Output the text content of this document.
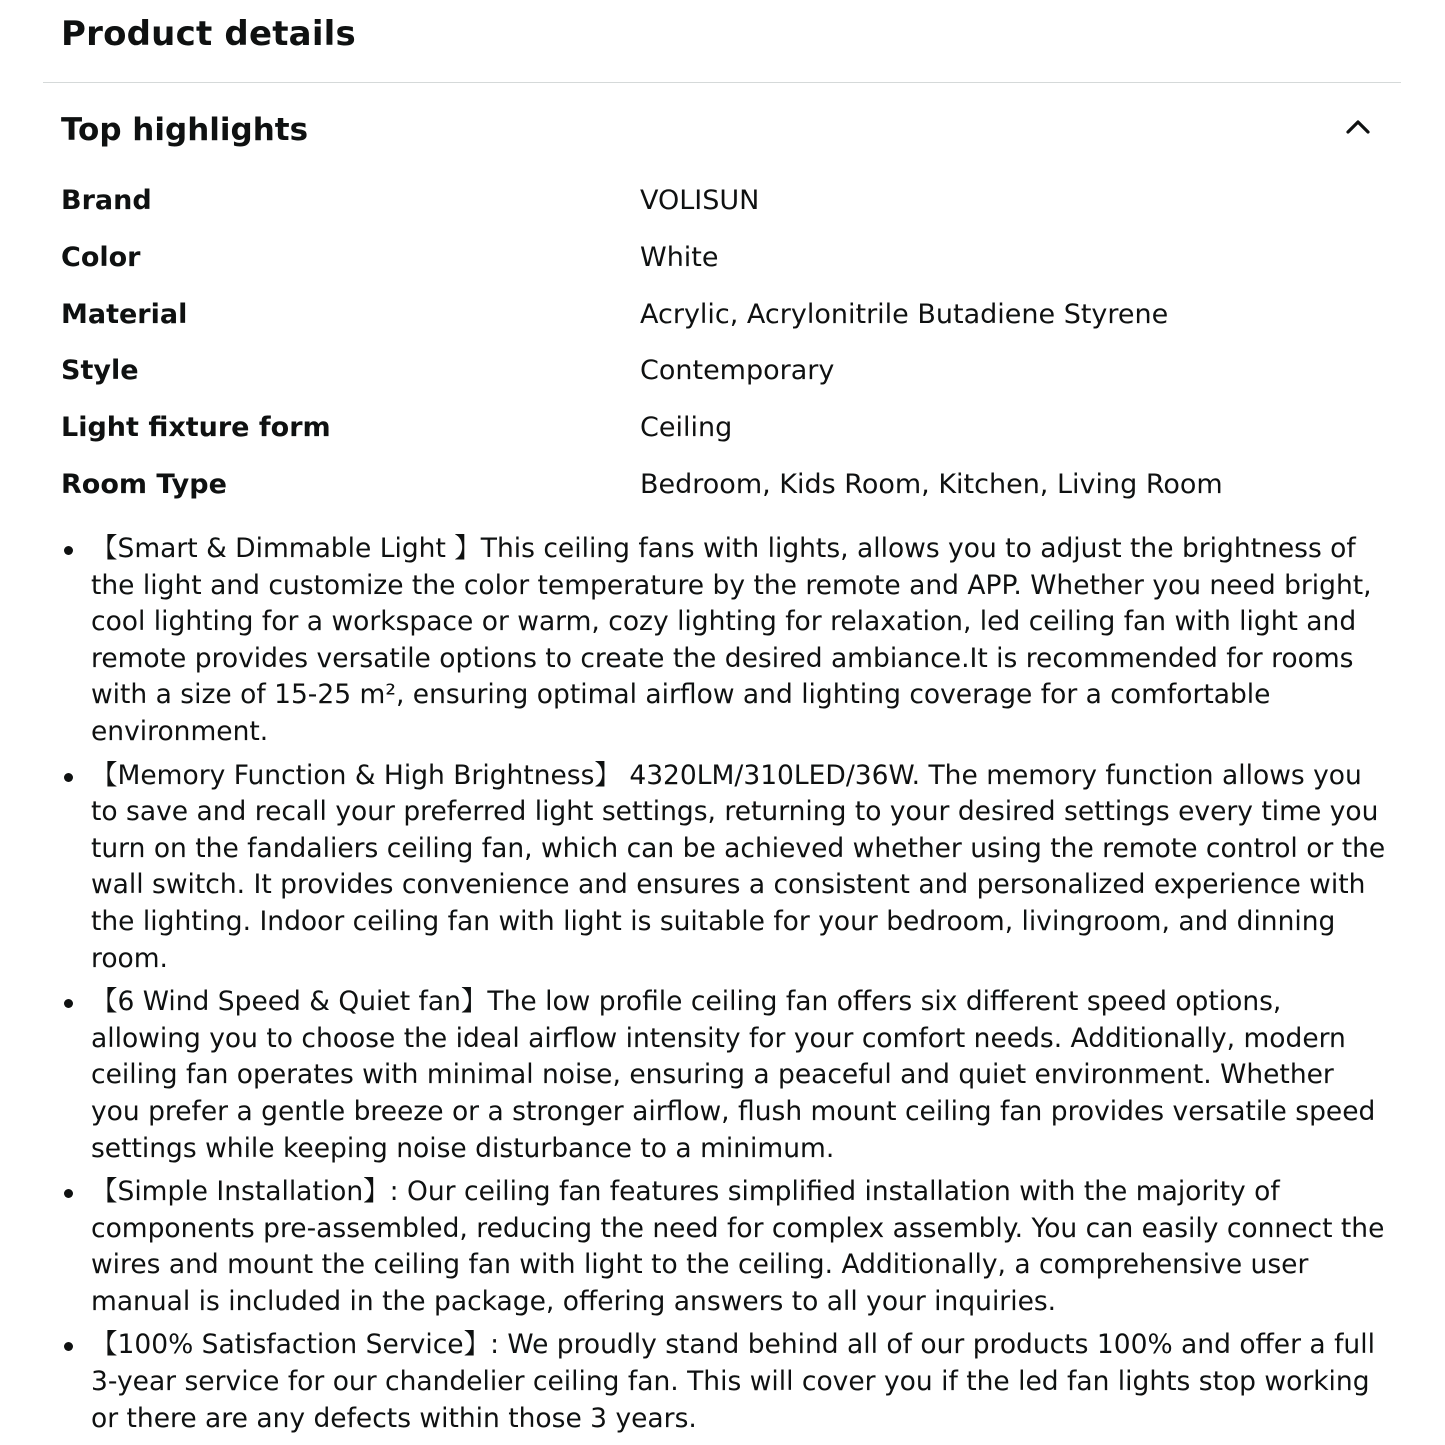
Product details
Top highlights
Brand	VOLISUN
Color	White
Material	Acrylic, Acrylonitrile Butadiene Styrene
Style	Contemporary
Light fixture form	Ceiling
Room Type	Bedroom, Kids Room, Kitchen, Living Room
【Smart & Dimmable Light 】This ceiling fans with lights, allows you to adjust the brightness of the light and customize the color temperature by the remote and APP. Whether you need bright, cool lighting for a workspace or warm, cozy lighting for relaxation, led ceiling fan with light and remote provides versatile options to create the desired ambiance.It is recommended for rooms with a size of 15-25 m², ensuring optimal airflow and lighting coverage for a comfortable environment.
【Memory Function & High Brightness】 4320LM/310LED/36W. The memory function allows you to save and recall your preferred light settings, returning to your desired settings every time you turn on the fandaliers ceiling fan, which can be achieved whether using the remote control or the wall switch. It provides convenience and ensures a consistent and personalized experience with the lighting. Indoor ceiling fan with light is suitable for your bedroom, livingroom, and dinning room.
【6 Wind Speed & Quiet fan】The low profile ceiling fan offers six different speed options, allowing you to choose the ideal airflow intensity for your comfort needs. Additionally, modern ceiling fan operates with minimal noise, ensuring a peaceful and quiet environment. Whether you prefer a gentle breeze or a stronger airflow, flush mount ceiling fan provides versatile speed settings while keeping noise disturbance to a minimum.
【Simple Installation】: Our ceiling fan features simplified installation with the majority of components pre-assembled, reducing the need for complex assembly. You can easily connect the wires and mount the ceiling fan with light to the ceiling. Additionally, a comprehensive user manual is included in the package, offering answers to all your inquiries.
【100% Satisfaction Service】: We proudly stand behind all of our products 100% and offer a full 3-year service for our chandelier ceiling fan. This will cover you if the led fan lights stop working or there are any defects within those 3 years.
